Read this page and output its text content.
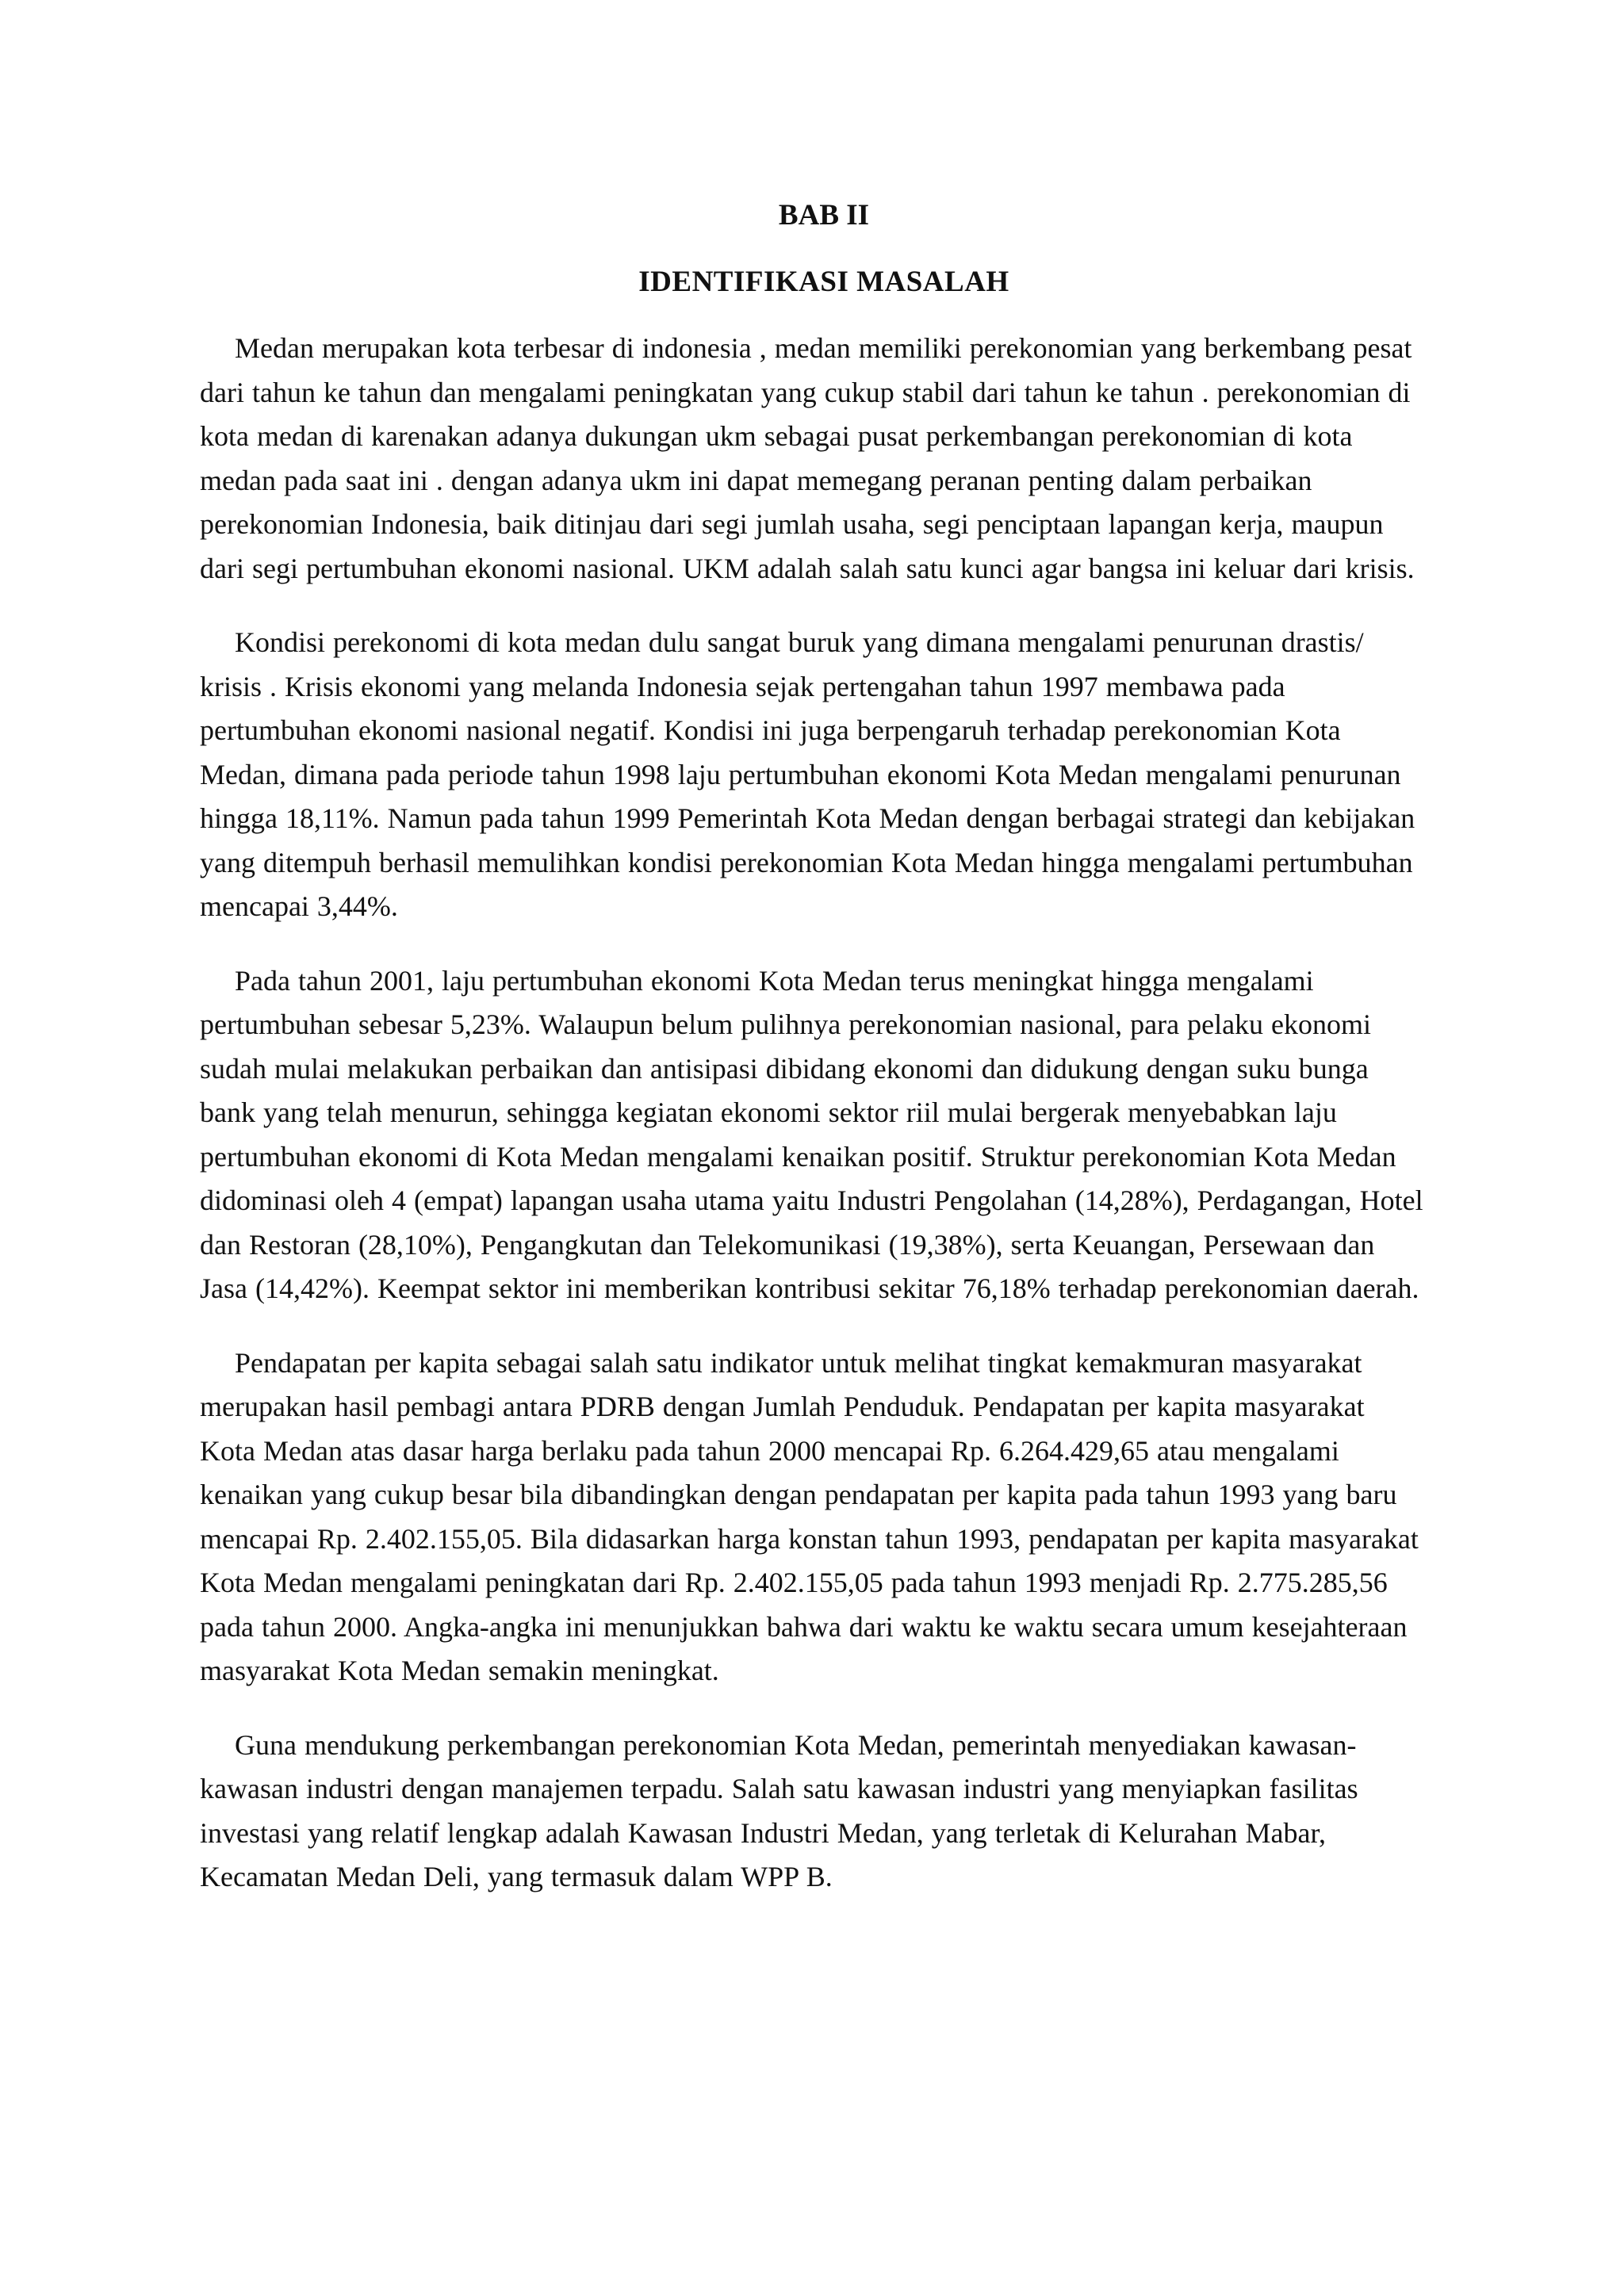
BAB II
IDENTIFIKASI MASALAH

Medan merupakan kota terbesar di indonesia , medan memiliki perekonomian yang berkembang pesat dari tahun ke tahun dan mengalami peningkatan yang cukup stabil dari tahun ke tahun . perekonomian di kota medan di karenakan adanya dukungan ukm sebagai pusat perkembangan perekonomian di kota medan pada saat ini . dengan adanya ukm ini dapat memegang peranan penting dalam perbaikan perekonomian Indonesia, baik ditinjau dari segi jumlah usaha, segi penciptaan lapangan kerja, maupun dari segi pertumbuhan ekonomi nasional. UKM adalah salah satu kunci agar bangsa ini keluar dari krisis.

Kondisi perekonomi di kota medan dulu sangat buruk yang dimana mengalami penurunan drastis/ krisis . Krisis ekonomi yang melanda Indonesia sejak pertengahan tahun 1997 membawa pada pertumbuhan ekonomi nasional negatif. Kondisi ini juga berpengaruh terhadap perekonomian Kota Medan, dimana pada periode tahun 1998 laju pertumbuhan ekonomi Kota Medan mengalami penurunan hingga 18,11%. Namun pada tahun 1999 Pemerintah Kota Medan dengan berbagai strategi dan kebijakan yang ditempuh berhasil memulihkan kondisi perekonomian Kota Medan hingga mengalami pertumbuhan mencapai 3,44%.

Pada tahun 2001, laju pertumbuhan ekonomi Kota Medan terus meningkat hingga mengalami pertumbuhan sebesar 5,23%. Walaupun belum pulihnya perekonomian nasional, para pelaku ekonomi sudah mulai melakukan perbaikan dan antisipasi dibidang ekonomi dan didukung dengan suku bunga bank yang telah menurun, sehingga kegiatan ekonomi sektor riil mulai bergerak menyebabkan laju pertumbuhan ekonomi di Kota Medan mengalami kenaikan positif. Struktur perekonomian Kota Medan didominasi oleh 4 (empat) lapangan usaha utama yaitu Industri Pengolahan (14,28%), Perdagangan, Hotel dan Restoran (28,10%), Pengangkutan dan Telekomunikasi (19,38%), serta Keuangan, Persewaan dan Jasa (14,42%). Keempat sektor ini memberikan kontribusi sekitar 76,18% terhadap perekonomian daerah.

Pendapatan per kapita sebagai salah satu indikator untuk melihat tingkat kemakmuran masyarakat merupakan hasil pembagi antara PDRB dengan Jumlah Penduduk. Pendapatan per kapita masyarakat Kota Medan atas dasar harga berlaku pada tahun 2000 mencapai Rp. 6.264.429,65 atau mengalami kenaikan yang cukup besar bila dibandingkan dengan pendapatan per kapita pada tahun 1993 yang baru mencapai Rp. 2.402.155,05. Bila didasarkan harga konstan tahun 1993, pendapatan per kapita masyarakat Kota Medan mengalami peningkatan dari Rp. 2.402.155,05 pada tahun 1993 menjadi Rp. 2.775.285,56 pada tahun 2000. Angka-angka ini menunjukkan bahwa dari waktu ke waktu secara umum kesejahteraan masyarakat Kota Medan semakin meningkat.

Guna mendukung perkembangan perekonomian Kota Medan, pemerintah menyediakan kawasan-kawasan industri dengan manajemen terpadu. Salah satu kawasan industri yang menyiapkan fasilitas investasi yang relatif lengkap adalah Kawasan Industri Medan, yang terletak di Kelurahan Mabar, Kecamatan Medan Deli, yang termasuk dalam WPP B.
